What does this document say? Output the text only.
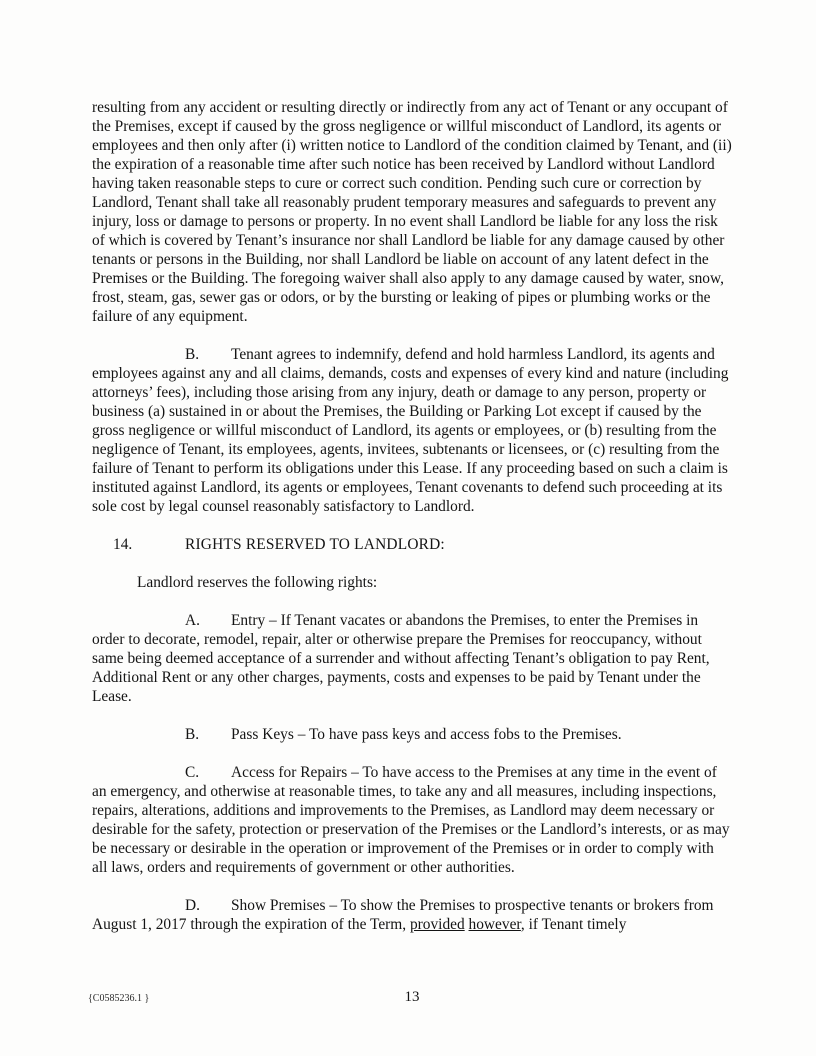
resulting from any accident or resulting directly or indirectly from any act of Tenant or any occupant of the Premises, except if caused by the gross negligence or willful misconduct of Landlord, its agents or employees and then only after (i) written notice to Landlord of the condition claimed by Tenant, and (ii) the expiration of a reasonable time after such notice has been received by Landlord without Landlord having taken reasonable steps to cure or correct such condition. Pending such cure or correction by Landlord, Tenant shall take all reasonably prudent temporary measures and safeguards to prevent any injury, loss or damage to persons or property. In no event shall Landlord be liable for any loss the risk of which is covered by Tenant’s insurance nor shall Landlord be liable for any damage caused by other tenants or persons in the Building, nor shall Landlord be liable on account of any latent defect in the Premises or the Building. The foregoing waiver shall also apply to any damage caused by water, snow, frost, steam, gas, sewer gas or odors, or by the bursting or leaking of pipes or plumbing works or the failure of any equipment.

B. Tenant agrees to indemnify, defend and hold harmless Landlord, its agents and employees against any and all claims, demands, costs and expenses of every kind and nature (including attorneys’ fees), including those arising from any injury, death or damage to any person, property or business (a) sustained in or about the Premises, the Building or Parking Lot except if caused by the gross negligence or willful misconduct of Landlord, its agents or employees, or (b) resulting from the negligence of Tenant, its employees, agents, invitees, subtenants or licensees, or (c) resulting from the failure of Tenant to perform its obligations under this Lease. If any proceeding based on such a claim is instituted against Landlord, its agents or employees, Tenant covenants to defend such proceeding at its sole cost by legal counsel reasonably satisfactory to Landlord.

14.	RIGHTS RESERVED TO LANDLORD:

Landlord reserves the following rights:

A. Entry – If Tenant vacates or abandons the Premises, to enter the Premises in order to decorate, remodel, repair, alter or otherwise prepare the Premises for reoccupancy, without same being deemed acceptance of a surrender and without affecting Tenant’s obligation to pay Rent, Additional Rent or any other charges, payments, costs and expenses to be paid by Tenant under the Lease.

B. Pass Keys – To have pass keys and access fobs to the Premises.

C. Access for Repairs – To have access to the Premises at any time in the event of an emergency, and otherwise at reasonable times, to take any and all measures, including inspections, repairs, alterations, additions and improvements to the Premises, as Landlord may deem necessary or desirable for the safety, protection or preservation of the Premises or the Landlord’s interests, or as may be necessary or desirable in the operation or improvement of the Premises or in order to comply with all laws, orders and requirements of government or other authorities.

D. Show Premises – To show the Premises to prospective tenants or brokers from August 1, 2017 through the expiration of the Term, provided however, if Tenant timely

{C0585236.1 }	13
